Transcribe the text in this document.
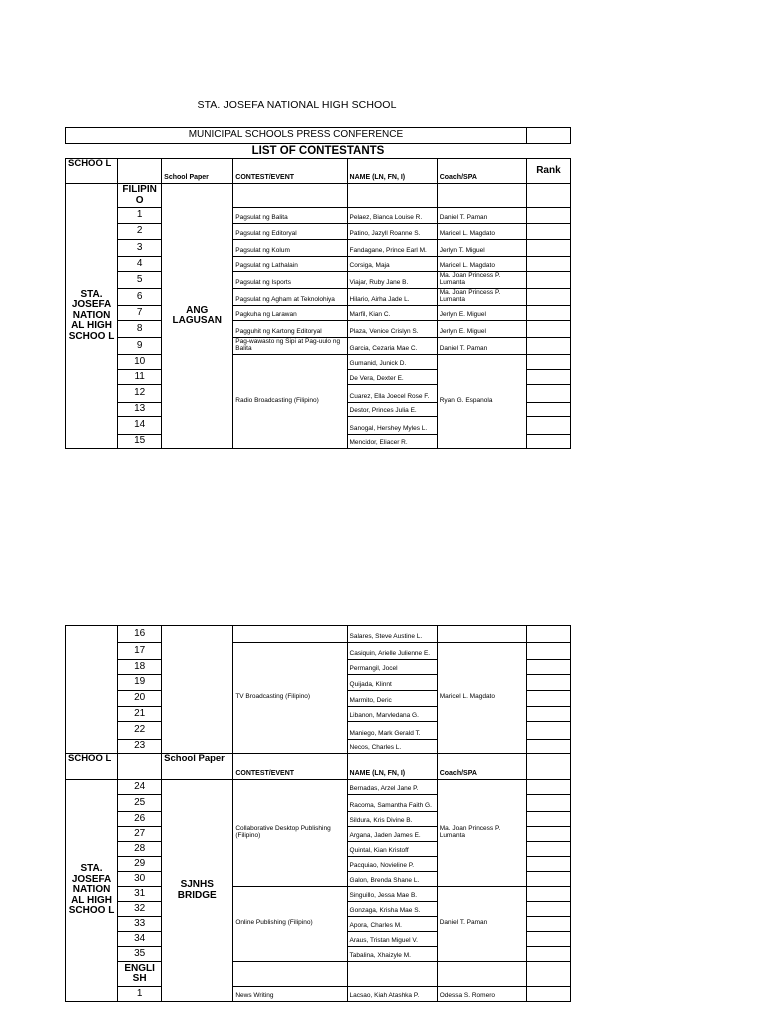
STA. JOSEFA NATIONAL HIGH SCHOOL
MUNICIPAL SCHOOLS PRESS CONFERENCE						
LIST OF CONTESTANTS						
SCHOO L		School Paper	CONTEST/EVENT	NAME (LN, FN, I)	Coach/SPA	Rank
STA. JOSEFA NATION AL HIGH SCHOO L	FILIPIN O	ANG LAGUSAN				
	1		Pagsulat ng Balita	Pelaez, Bianca Louise R.	Daniel T. Paman	
	2		Pagsulat ng Editoryal	Patino, Jazyll Roanne S.	Maricel L. Magdato	
	3		Pagsulat ng Kolum	Fandagane, Prince Earl M.	Jerlyn T. Miguel	
	4		Pagsulat ng Lathalain	Corsiga, Maja	Maricel L. Magdato	
	5		Pagsulat ng Isports	Viajar, Ruby Jane B.	Ma. Joan Princess P. Lumanta	
	6		Pagsulat ng Agham at Teknolohiya	Hilario, Airha Jade L.	Ma. Joan Princess P. Lumanta	
	7		Pagkuha ng Larawan	Marfil, Kian C.	Jerlyn E. Miguel	
	8		Pagguhit ng Kartong Editoryal	Plaza, Venice Crislyn S.	Jerlyn E. Miguel	
	9		Pag-wawasto ng Sipi at Pag-uulo ng Balita	Garcia, Cezaria Mae C.	Daniel T. Paman	
	10		Radio Broadcasting (Filipino)	Gumanid, Junick D.	Ryan G. Espanola	
	11			De Vera, Dexter E.		
	12			Cuarez, Ella Joecel Rose F.		
	13			Destor, Princes Julia E.		
	14			Sanogal, Hershey Myles L.		
	15			Mencidor, Eliacer R.		
	16			Salares, Steve Austine L.		
	17		TV Broadcasting (Filipino)	Casiquin, Arielle Julienne E.	Maricel L. Magdato	
	18			Permangil, Jocel		
	19			Quijada, Klinnt		
	20			Marmito, Deric		
	21			Libanon, Marvledana G.		
	22			Maniego, Mark Gerald T.		
	23			Necos, Charles L.		
SCHOO L		School Paper	CONTEST/EVENT	NAME (LN, FN, I)	Coach/SPA	
STA. JOSEFA NATION AL HIGH SCHOO L	24	SJNHS BRIDGE	Collaborative Desktop Publishing (Filipino)	Bernadas, Arzel Jane P.	Ma. Joan Princess P. Lumanta	
	25			Racoma, Samantha Faith G.		
	26			Sildura, Kris Divine B.		
	27			Argana, Jaden James E.		
	28			Quintal, Kian Kristoff		
	29			Pacquiao, Novieline P.		
	30			Galon, Brenda Shane L.		
	31		Online Publishing (Filipino)	Singuillo, Jessa Mae B.	Daniel T. Paman	
	32			Gonzaga, Krisha Mae S.		
	33			Apora, Charles M.		
	34			Araus, Tristan Miguel V.		
	35			Tabalina, Xhaizyle M.		
	ENGLI SH					
	1		News Writing	Lacsao, Kiah Atashka P.	Odessa S. Romero	
